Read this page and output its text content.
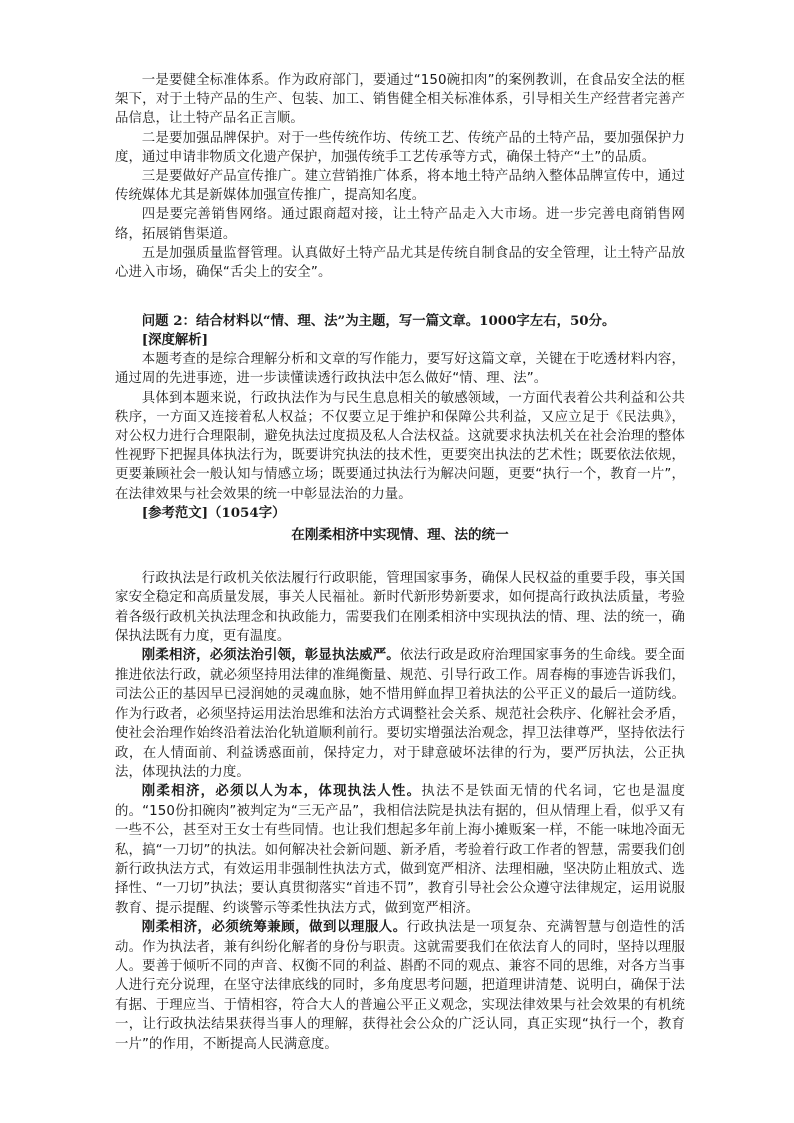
一是要健全标准体系。作为政府部门，要通过“150碗扣肉”的案例教训，在食品安全法的框架下，对于土特产品的生产、包装、加工、销售健全相关标准体系，引导相关生产经营者完善产品信息，让土特产品名正言顺。

二是要加强品牌保护。对于一些传统作坊、传统工艺、传统产品的土特产品，要加强保护力度，通过申请非物质文化遗产保护，加强传统手工艺传承等方式，确保土特产“土”的品质。

三是要做好产品宣传推广。建立营销推广体系，将本地土特产品纳入整体品牌宣传中，通过传统媒体尤其是新媒体加强宣传推广，提高知名度。

四是要完善销售网络。通过跟商超对接，让土特产品走入大市场。进一步完善电商销售网络，拓展销售渠道。

五是加强质量监督管理。认真做好土特产品尤其是传统自制食品的安全管理，让土特产品放心进入市场，确保“舌尖上的安全”。

问题 2：结合材料以“情、理、法”为主题，写一篇文章。1000字左右，50分。

[深度解析]

本题考查的是综合理解分析和文章的写作能力，要写好这篇文章，关键在于吃透材料内容，通过周的先进事迹，进一步读懂读透行政执法中怎么做好“情、理、法”。

具体到本题来说，行政执法作为与民生息息相关的敏感领域，一方面代表着公共利益和公共秩序，一方面又连接着私人权益；不仅要立足于维护和保障公共利益，又应立足于《民法典》，对公权力进行合理限制，避免执法过度损及私人合法权益。这就要求执法机关在社会治理的整体性视野下把握具体执法行为，既要讲究执法的技术性，更要突出执法的艺术性；既要依法依规，更要兼顾社会一般认知与情感立场；既要通过执法行为解决问题，更要“执行一个，教育一片”，在法律效果与社会效果的统一中彰显法治的力量。

[参考范文]（1054字）

在刚柔相济中实现情、理、法的统一

行政执法是行政机关依法履行行政职能，管理国家事务，确保人民权益的重要手段，事关国家安全稳定和高质量发展，事关人民福祉。新时代新形势新要求，如何提高行政执法质量，考验着各级行政机关执法理念和执政能力，需要我们在刚柔相济中实现执法的情、理、法的统一，确保执法既有力度，更有温度。

刚柔相济，必须法治引领，彰显执法威严。依法行政是政府治理国家事务的生命线。要全面推进依法行政，就必须坚持用法律的准绳衡量、规范、引导行政工作。周春梅的事迹告诉我们，司法公正的基因早已浸润她的灵魂血脉，她不惜用鲜血捍卫着执法的公平正义的最后一道防线。作为行政者，必须坚持运用法治思维和法治方式调整社会关系、规范社会秩序、化解社会矛盾，使社会治理作始终沿着法治化轨道顺利前行。要切实增强法治观念，捍卫法律尊严，坚持依法行政，在人情面前、利益诱惑面前，保持定力，对于肆意破坏法律的行为，要严厉执法，公正执法，体现执法的力度。

刚柔相济，必须以人为本，体现执法人性。执法不是铁面无情的代名词，它也是温度的。“150份扣碗肉”被判定为“三无产品”，我相信法院是执法有据的，但从情理上看，似乎又有一些不公，甚至对王女士有些同情。也让我们想起多年前上海小摊贩案一样，不能一味地冷面无私，搞“一刀切”的执法。如何解决社会新问题、新矛盾，考验着行政工作者的智慧，需要我们创新行政执法方式，有效运用非强制性执法方式，做到宽严相济、法理相融，坚决防止粗放式、选择性、“一刀切”执法；要认真贯彻落实“首违不罚”，教育引导社会公众遵守法律规定，运用说服教育、提示提醒、约谈警示等柔性执法方式，做到宽严相济。

刚柔相济，必须统筹兼顾，做到以理服人。行政执法是一项复杂、充满智慧与创造性的活动。作为执法者，兼有纠纷化解者的身份与职责。这就需要我们在依法育人的同时，坚持以理服人。要善于倾听不同的声音、权衡不同的利益、斟酌不同的观点、兼容不同的思维，对各方当事人进行充分说理，在坚守法律底线的同时，多角度思考问题，把道理讲清楚、说明白，确保于法有据、于理应当、于情相容，符合大人的普遍公平正义观念，实现法律效果与社会效果的有机统一，让行政执法结果获得当事人的理解，获得社会公众的广泛认同，真正实现“执行一个，教育一片”的作用，不断提高人民满意度。
